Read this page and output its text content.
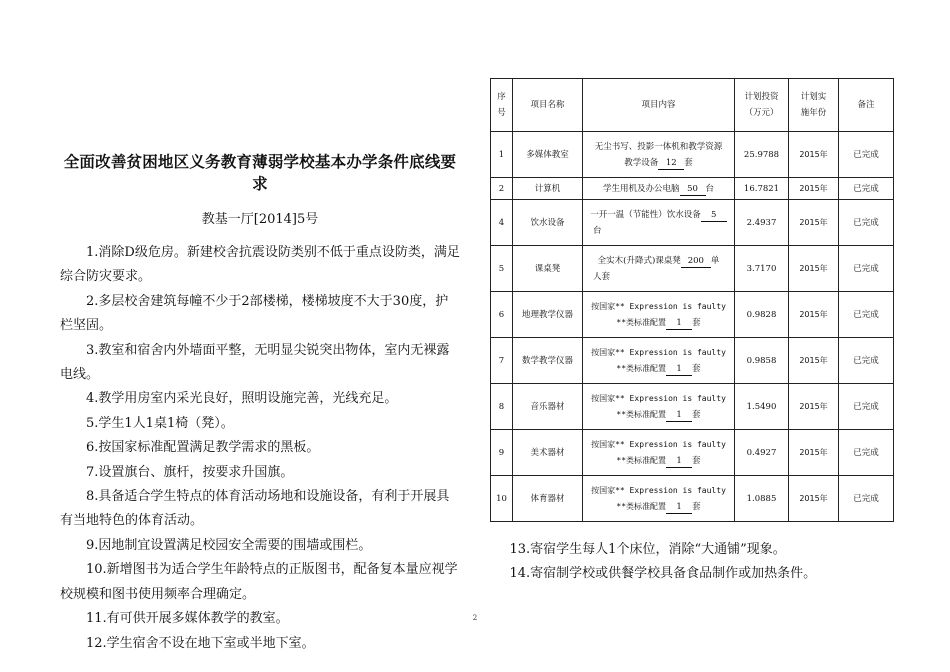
全面改善贫困地区义务教育薄弱学校基本办学条件底线要求
教基一厅[2014]5号

1.消除D级危房。新建校舍抗震设防类别不低于重点设防类，满足综合防灾要求。

2.多层校舍建筑每幢不少于2部楼梯，楼梯坡度不大于30度，护栏坚固。

3.教室和宿舍内外墙面平整，无明显尖锐突出物体，室内无裸露电线。

4.教学用房室内采光良好，照明设施完善，光线充足。

5.学生1人1桌1椅（凳）。

6.按国家标准配置满足教学需求的黑板。

7.设置旗台、旗杆，按要求升国旗。

8.具备适合学生特点的体育活动场地和设施设备，有利于开展具有当地特色的体育活动。

9.因地制宜设置满足校园安全需要的围墙或围栏。

10.新增图书为适合学生年龄特点的正版图书，配备复本量应视学校规模和图书使用频率合理确定。

11.有可供开展多媒体教学的教室。

12.学生宿舍不设在地下室或半地下室。

序
号	项目名称	项目内容	计划投资
（万元）	计划实
施年份	备注
1	多媒体教室	无尘书写、投影一体机和教学资源
教学设备 12 套	25.9788	2015年	已完成
2	计算机	学生用机及办公电脑 50 台	16.7821	2015年	已完成
4	饮水设备	一开一温（节能性）饮水设备 5
台	2.4937	2015年	已完成
5	课桌凳	全实木(升降式)课桌凳 200 单
人套	3.7170	2015年	已完成
6	地理教学仪器	按国家** Expression is faulty
**类标准配置 1 套	0.9828	2015年	已完成
7	数学教学仪器	按国家** Expression is faulty
**类标准配置 1 套	0.9858	2015年	已完成
8	音乐器材	按国家** Expression is faulty
**类标准配置 1 套	1.5490	2015年	已完成
9	美术器材	按国家** Expression is faulty
**类标准配置 1 套	0.4927	2015年	已完成
10	体育器材	按国家** Expression is faulty
**类标准配置 1 套	1.0885	2015年	已完成

13.寄宿学生每人1个床位，消除“大通铺”现象。

14.寄宿制学校或供餐学校具备食品制作或加热条件。

2
